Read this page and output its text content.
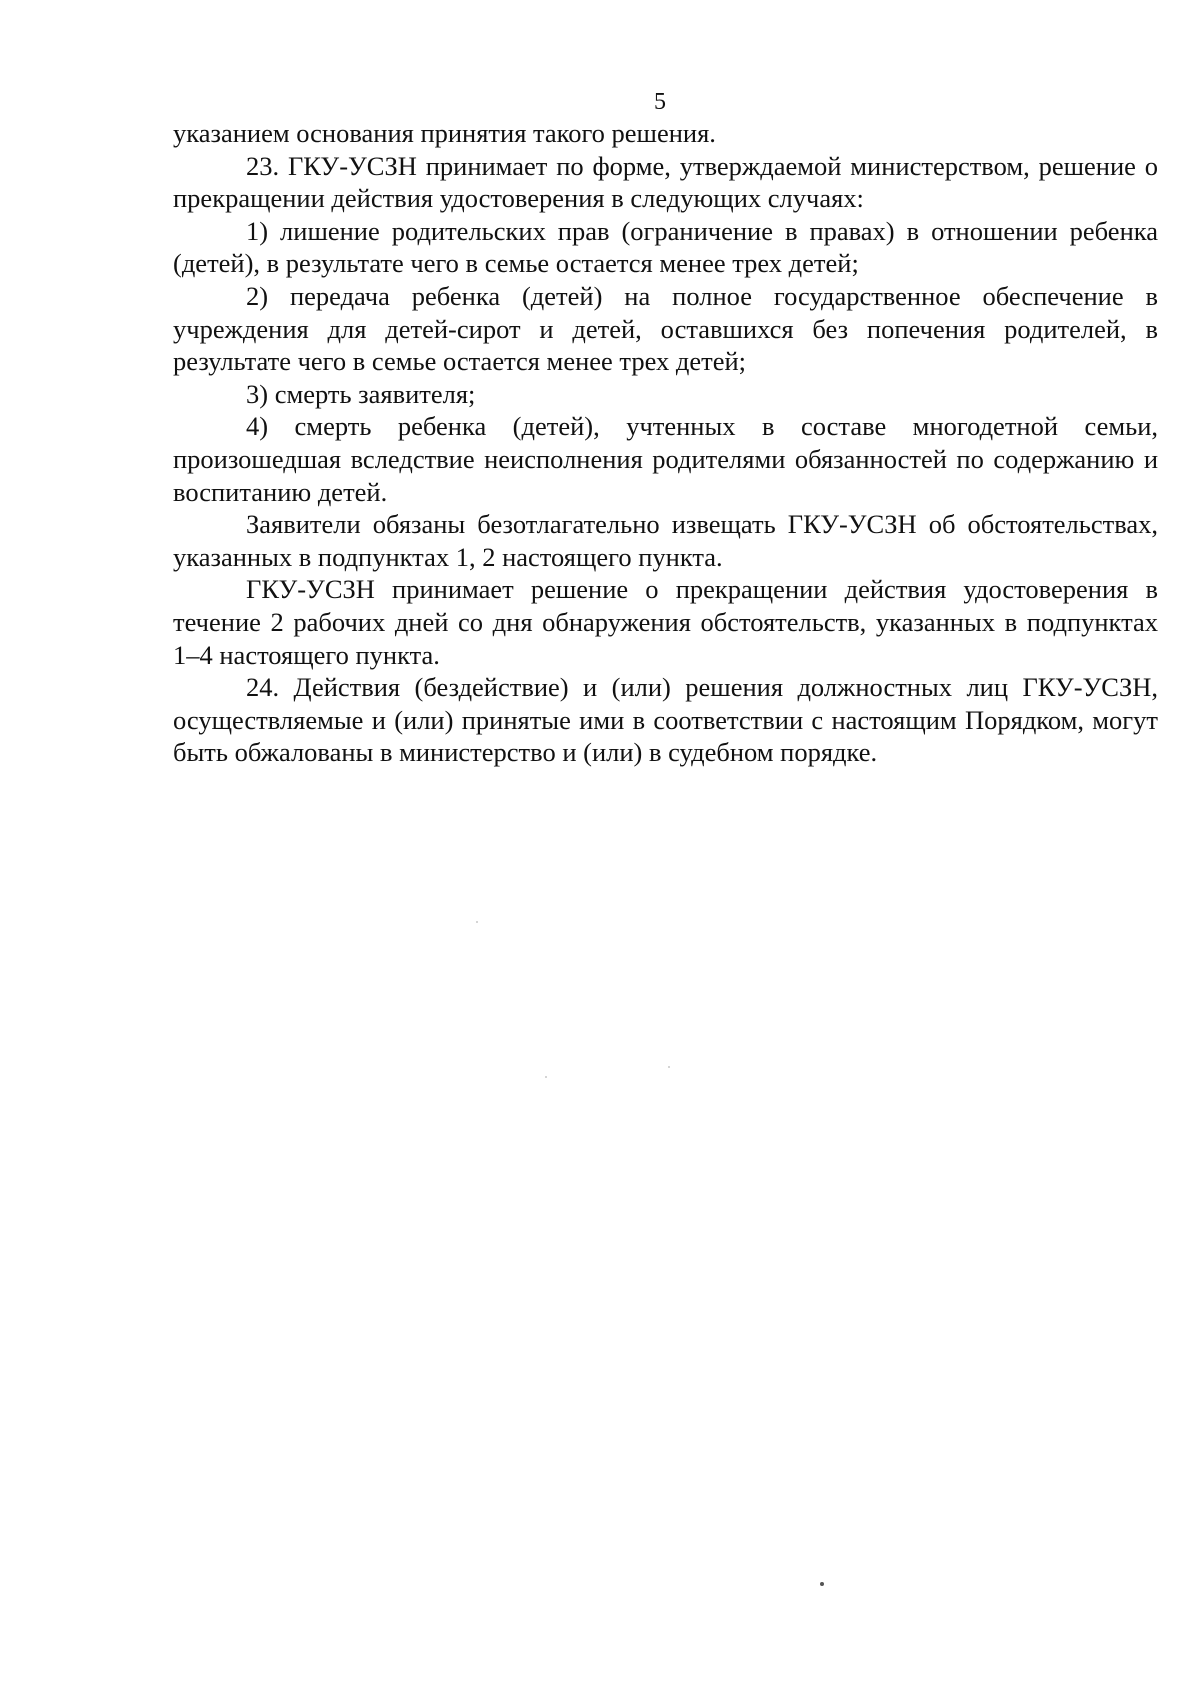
5

указанием основания принятия такого решения.

23. ГКУ-УСЗН принимает по форме, утверждаемой министерством, решение о прекращении действия удостоверения в следующих случаях:

1) лишение родительских прав (ограничение в правах) в отношении ребенка (детей), в результате чего в семье остается менее трех детей;

2) передача ребенка (детей) на полное государственное обеспечение в учреждения для детей-сирот и детей, оставшихся без попечения родителей, в результате чего в семье остается менее трех детей;

3) смерть заявителя;

4) смерть ребенка (детей), учтенных в составе многодетной семьи, произошедшая вследствие неисполнения родителями обязанностей по содержанию и воспитанию детей.

Заявители обязаны безотлагательно извещать ГКУ-УСЗН об обстоятельствах, указанных в подпунктах 1, 2 настоящего пункта.

ГКУ-УСЗН принимает решение о прекращении действия удостоверения в течение 2 рабочих дней со дня обнаружения обстоятельств, указанных в подпунктах 1–4 настоящего пункта.

24. Действия (бездействие) и (или) решения должностных лиц ГКУ-УСЗН, осуществляемые и (или) принятые ими в соответствии с настоящим Порядком, могут быть обжалованы в министерство и (или) в судебном порядке.
